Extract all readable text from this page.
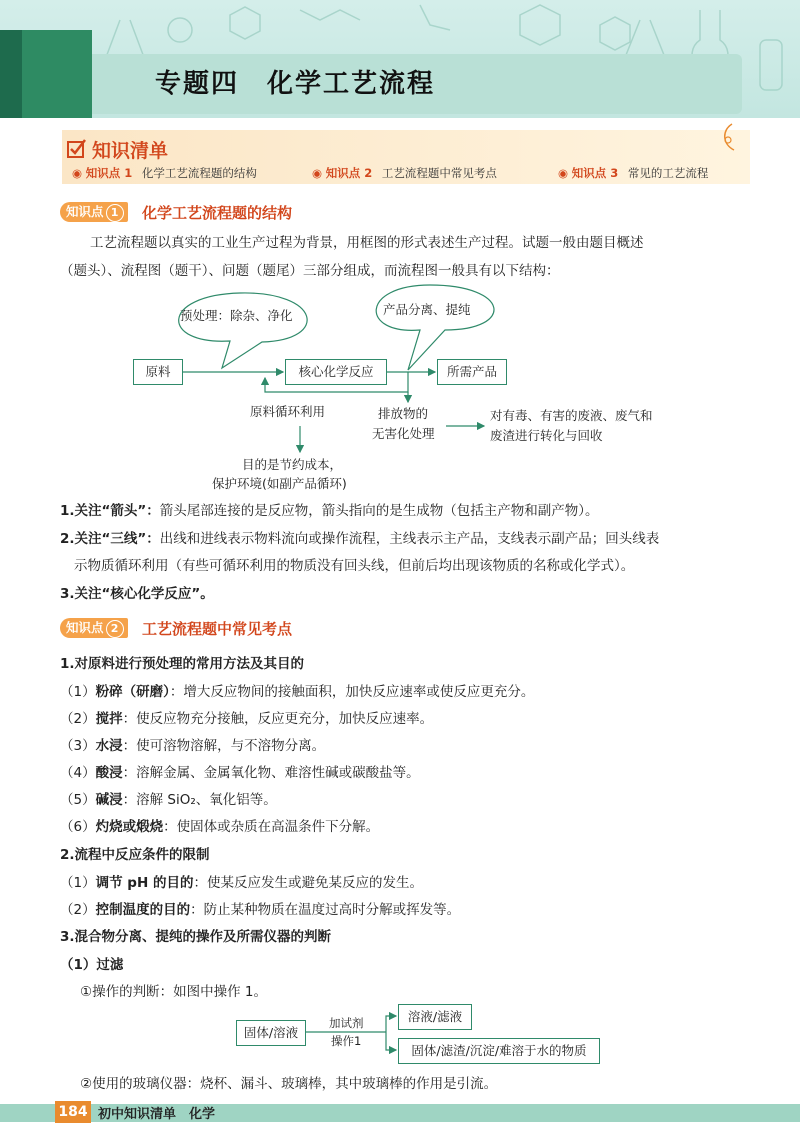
专题四　化学工艺流程
知识清单
◉ 知识点 1 化学工艺流程题的结构	◉ 知识点 2 工艺流程题中常见考点	◉ 知识点 3 常见的工艺流程
知识点 1	化学工艺流程题的结构
工艺流程题以真实的工业生产过程为背景，用框图的形式表述生产过程。试题一般由题目概述
（题头）、流程图（题干）、问题（题尾）三部分组成，而流程图一般具有以下结构：
预处理：除杂、净化	产品分离、提纯
原料	核心化学反应	所需产品
原料循环利用	排放物的
无害化处理
对有毒、有害的废液、废气和
废渣进行转化与回收
目的是节约成本，
保护环境(如副产品循环)
1.关注“箭头”：箭头尾部连接的是反应物，箭头指向的是生成物（包括主产物和副产物）。
2.关注“三线”：出线和进线表示物料流向或操作流程，主线表示主产品，支线表示副产品；回头线表
示物质循环利用（有些可循环利用的物质没有回头线，但前后均出现该物质的名称或化学式）。
3.关注“核心化学反应”。
知识点 2	工艺流程题中常见考点
1.对原料进行预处理的常用方法及其目的
（1）粉碎（研磨）：增大反应物间的接触面积，加快反应速率或使反应更充分。
（2）搅拌：使反应物充分接触，反应更充分，加快反应速率。
（3）水浸：使可溶物溶解，与不溶物分离。
（4）酸浸：溶解金属、金属氧化物、难溶性碱或碳酸盐等。
（5）碱浸：溶解 SiO₂、氧化铝等。
（6）灼烧或煅烧：使固体或杂质在高温条件下分解。
2.流程中反应条件的限制
（1）调节 pH 的目的：使某反应发生或避免某反应的发生。
（2）控制温度的目的：防止某种物质在温度过高时分解或挥发等。
3.混合物分离、提纯的操作及所需仪器的判断
（1）过滤
①操作的判断：如图中操作 1。
固体/溶液
加试剂
操作1
溶液/滤液
固体/滤渣/沉淀/难溶于水的物质
②使用的玻璃仪器：烧杯、漏斗、玻璃棒，其中玻璃棒的作用是引流。
184 初中知识清单　化学
